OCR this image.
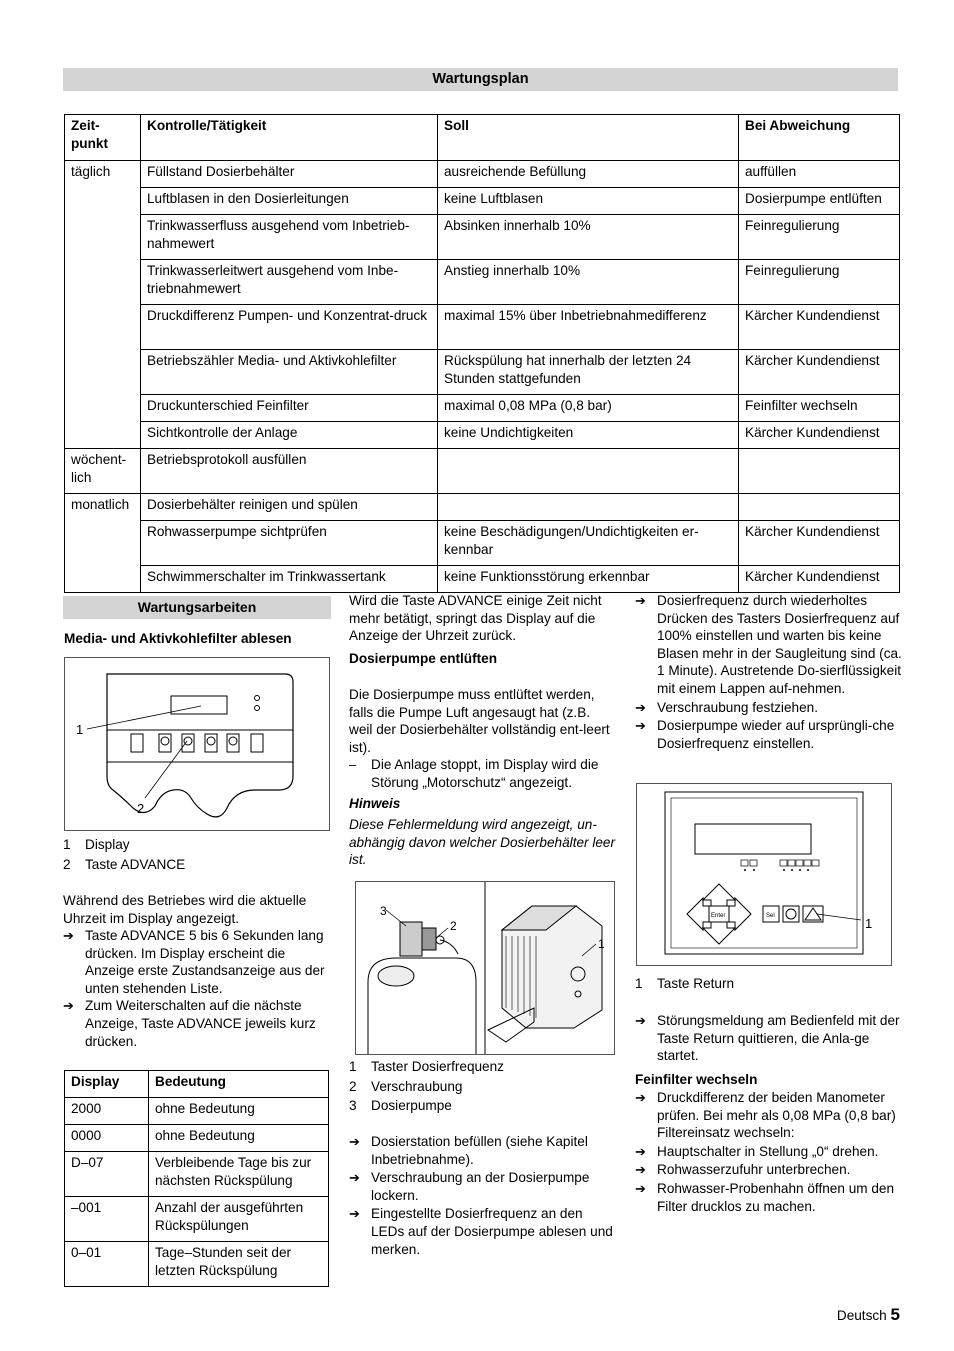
Wartungsplan
Zeit-
punkt	Kontrolle/Tätigkeit	Soll	Bei Abweichung
täglich	Füllstand Dosierbehälter	ausreichende Befüllung	auffüllen
	Luftblasen in den Dosierleitungen	keine Luftblasen	Dosierpumpe entlüften
	Trinkwasserfluss ausgehend vom Inbetrieb-nahmewert	Absinken innerhalb 10%	Feinregulierung
	Trinkwasserleitwert ausgehend vom Inbe-triebnahmewert	Anstieg innerhalb 10%	Feinregulierung
	Druckdifferenz Pumpen- und Konzentrat-druck	maximal 15% über Inbetriebnahmedifferenz	Kärcher Kundendienst
	Betriebszähler Media- und Aktivkohlefilter	Rückspülung hat innerhalb der letzten 24 Stunden stattgefunden	Kärcher Kundendienst
	Druckunterschied Feinfilter	maximal 0,08 MPa (0,8 bar)	Feinfilter wechseln
	Sichtkontrolle der Anlage	keine Undichtigkeiten	Kärcher Kundendienst
wöchent-lich	Betriebsprotokoll ausfüllen		
monatlich	Dosierbehälter reinigen und spülen		
	Rohwasserpumpe sichtprüfen	keine Beschädigungen/Undichtigkeiten er-kennbar	Kärcher Kundendienst
	Schwimmerschalter im Trinkwassertank	keine Funktionsstörung erkennbar	Kärcher Kundendienst
Wartungsarbeiten
Media- und Aktivkohlefilter ablesen
1
2
1	Display
2	Taste ADVANCE

Während des Betriebes wird die aktuelle Uhrzeit im Display angezeigt.

➔ Taste ADVANCE 5 bis 6 Sekunden lang drücken. Im Display erscheint die Anzeige erste Zustandsanzeige aus der unten stehenden Liste.
➔ Zum Weiterschalten auf die nächste Anzeige, Taste ADVANCE jeweils kurz drücken.
Display	Bedeutung
2000	ohne Bedeutung
0000	ohne Bedeutung
D–07	Verbleibende Tage bis zur nächsten Rückspülung
–001	Anzahl der ausgeführten Rückspülungen
0–01	Tage–Stunden seit der letzten Rückspülung

Wird die Taste ADVANCE einige Zeit nicht mehr betätigt, springt das Display auf die Anzeige der Uhrzeit zurück.

Dosierpumpe entlüften

Die Dosierpumpe muss entlüftet werden, falls die Pumpe Luft angesaugt hat (z.B. weil der Dosierbehälter vollständig ent-leert ist).

–	Die Anlage stoppt, im Display wird die Störung „Motorschutz“ angezeigt.
Hinweis

Diese Fehlermeldung wird angezeigt, un-abhängig davon welcher Dosierbehälter leer ist.

3
2
1
1	Taster Dosierfrequenz
2	Verschraubung
3	Dosierpumpe
➔ Dosierstation befüllen (siehe Kapitel Inbetriebnahme).
➔ Verschraubung an der Dosierpumpe lockern.
➔ Eingestellte Dosierfrequenz an den LEDs auf der Dosierpumpe ablesen und merken.
➔ Dosierfrequenz durch wiederholtes Drücken des Tasters Dosierfrequenz auf 100% einstellen und warten bis keine Blasen mehr in der Saugleitung sind (ca. 1 Minute). Austretende Do-sierflüssigkeit mit einem Lappen auf-nehmen.
➔ Verschraubung festziehen.
➔ Dosierpumpe wieder auf ursprüngli-che Dosierfrequenz einstellen.
Enter	Sel	1
1	Taste Return
➔ Störungsmeldung am Bedienfeld mit der Taste Return quittieren, die Anla-ge startet.
Feinfilter wechseln
➔ Druckdifferenz der beiden Manometer prüfen. Bei mehr als 0,08 MPa (0,8 bar) Filtereinsatz wechseln:
➔ Hauptschalter in Stellung „0“ drehen.
➔ Rohwasserzufuhr unterbrechen.
➔ Rohwasser-Probenhahn öffnen um den Filter drucklos zu machen.
Deutsch 5
